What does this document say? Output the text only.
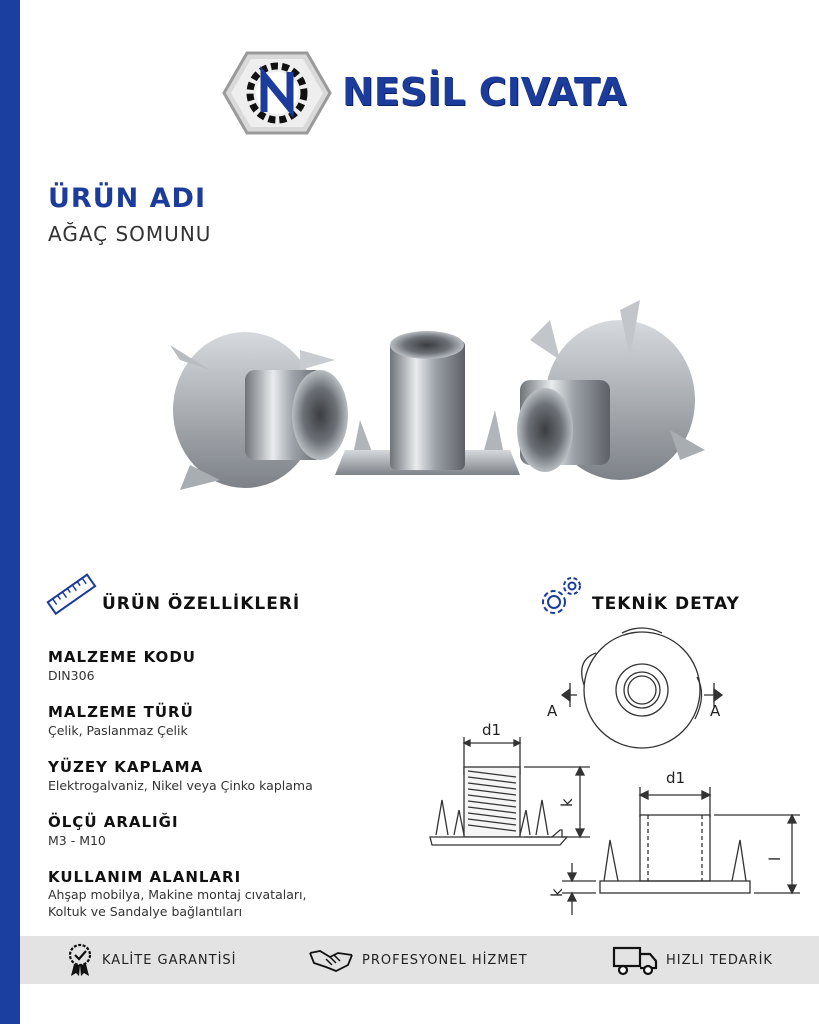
NESİL CIVATA
ÜRÜN ADI
AĞAÇ SOMUNU
ÜRÜN ÖZELLİKLERİ	TEKNİK DETAY
MALZEME KODU
DIN306
MALZEME TÜRÜ
Çelik, Paslanmaz Çelik
YÜZEY KAPLAMA
Elektrogalvaniz, Nikel veya Çinko kaplama
ÖLÇÜ ARALIĞI
M3 - M10
KULLANIM ALANLARI
Ahşap mobilya, Makine montaj cıvataları,
Koltuk ve Sandalye bağlantıları
A	A
d1
d1
k
k
l
KALİTE GARANTİSİ	PROFESYONEL HİZMET	HIZLI TEDARİK
